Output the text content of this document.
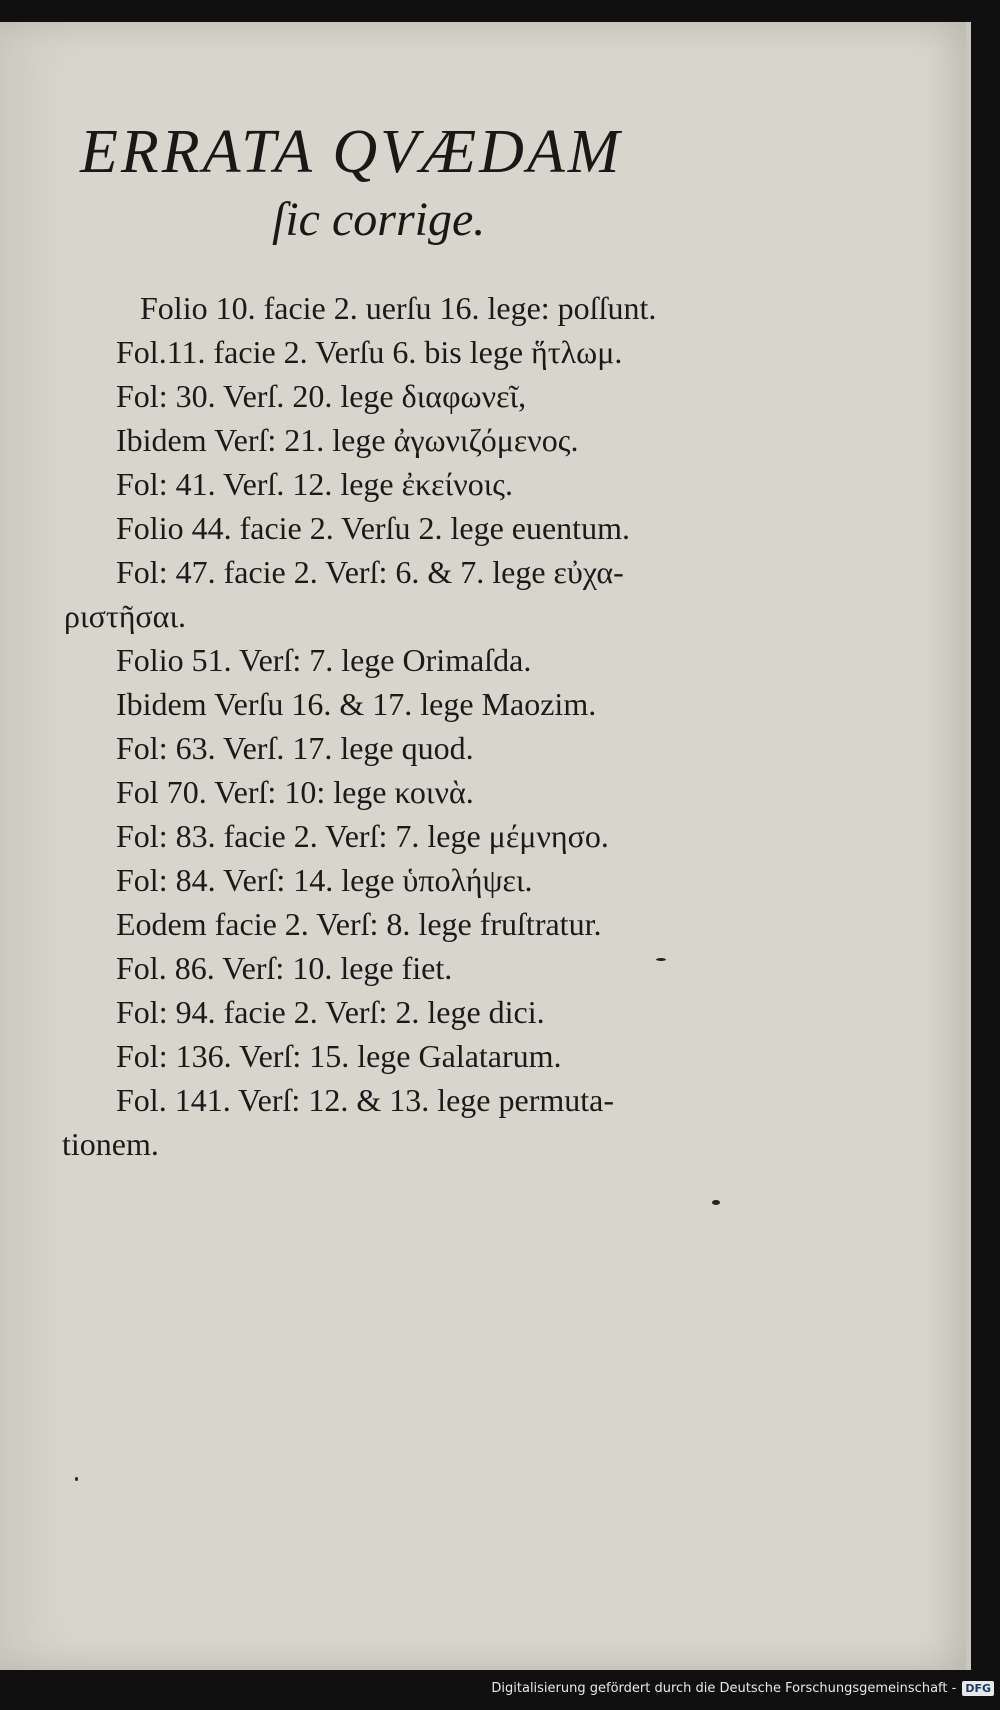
ERRATA QVÆDAM
ſic corrige.
Folio 10. facie 2. uerſu 16. lege: poſſunt.
Fol.11. facie 2. Verſu 6. bis lege ἥτλωμ.
Fol: 30. Verſ. 20. lege διαφωνεῖ,
Ibidem Verſ: 21. lege ἀγωνιζόμενος.
Fol: 41. Verſ. 12. lege ἐκείνοις.
Folio 44. facie 2. Verſu 2. lege euentum.
Fol: 47. facie 2. Verſ: 6. & 7. lege εὐχα-
ριστῆσαι.
Folio 51. Verſ: 7. lege Orimaſda.
Ibidem Verſu 16. & 17. lege Maozim.
Fol: 63. Verſ. 17. lege quod.
Fol 70. Verſ: 10: lege κοινὰ.
Fol: 83. facie 2. Verſ: 7. lege μέμνησο.
Fol: 84. Verſ: 14. lege ὑπολήψει.
Eodem facie 2. Verſ: 8. lege fruſtratur.
Fol. 86. Verſ: 10. lege fiet.
Fol: 94. facie 2. Verſ: 2. lege dici.
Fol: 136. Verſ: 15. lege Galatarum.
Fol. 141. Verſ: 12. & 13. lege permuta-
tionem.
Digitalisierung gefördert durch die Deutsche Forschungsgemeinschaft - DFG
